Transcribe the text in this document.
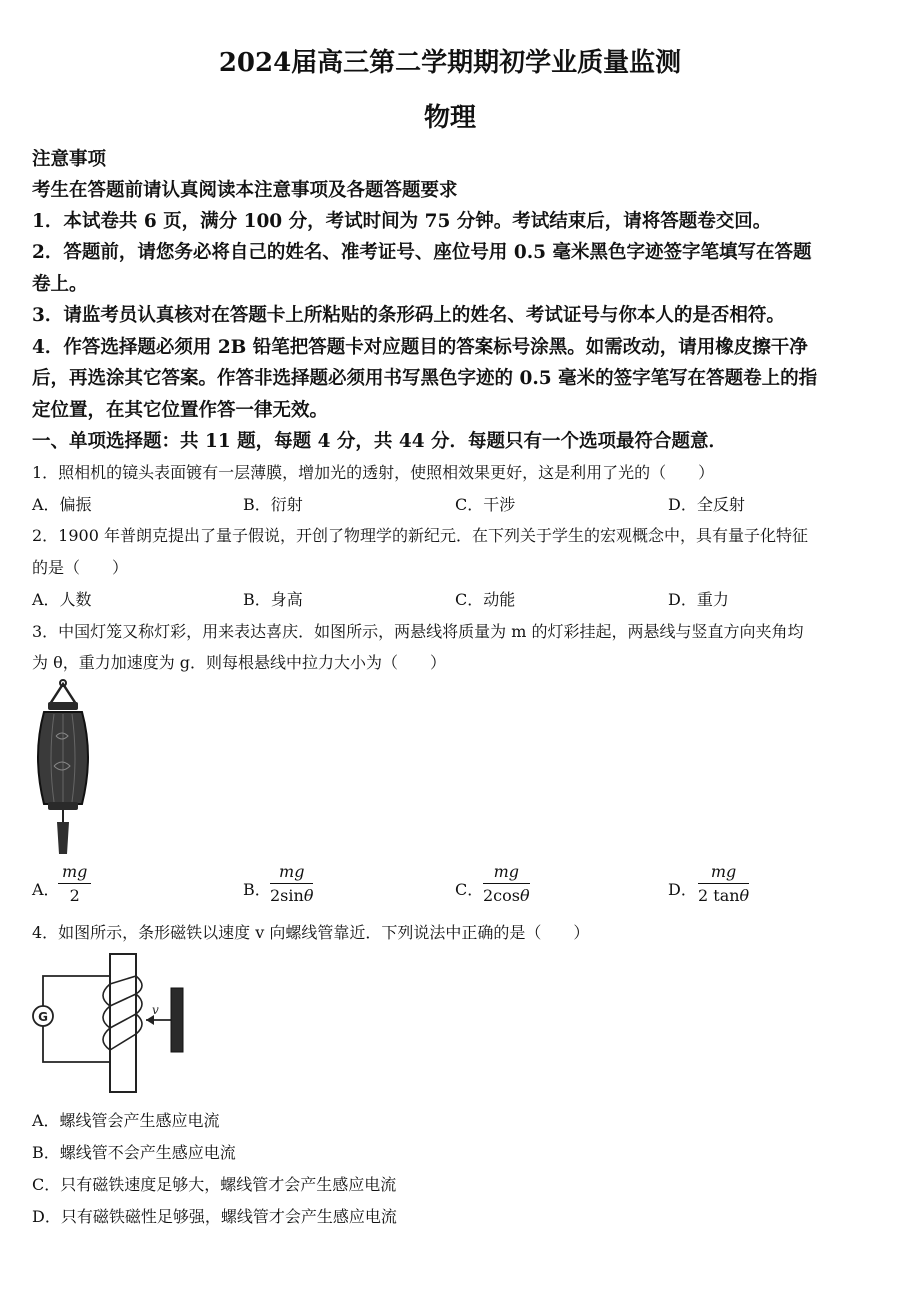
2024届高三第二学期期初学业质量监测
物理
注意事项
考生在答题前请认真阅读本注意事项及各题答题要求
1．本试卷共 6 页，满分 100 分，考试时间为 75 分钟。考试结束后，请将答题卷交回。
2．答题前，请您务必将自己的姓名、准考证号、座位号用 0.5 毫米黑色字迹签字笔填写在答题
卷上。
3．请监考员认真核对在答题卡上所粘贴的条形码上的姓名、考试证号与你本人的是否相符。
4．作答选择题必须用 2B 铅笔把答题卡对应题目的答案标号涂黑。如需改动，请用橡皮擦干净
后，再选涂其它答案。作答非选择题必须用书写黑色字迹的 0.5 毫米的签字笔写在答题卷上的指
定位置，在其它位置作答一律无效。
一、单项选择题：共 11 题，每题 4 分，共 44 分．每题只有一个选项最符合题意．
1．照相机的镜头表面镀有一层薄膜，增加光的透射，使照相效果更好，这是利用了光的（　　）
A．偏振	B．衍射	C．干涉	D．全反射
2．1900 年普朗克提出了量子假说，开创了物理学的新纪元．在下列关于学生的宏观概念中，具有量子化特征
的是（　　）
A．人数	B．身高	C．动能	D．重力
3．中国灯笼又称灯彩，用来表达喜庆．如图所示，两悬线将质量为 m 的灯彩挂起，两悬线与竖直方向夹角均
为 θ，重力加速度为 g．则每根悬线中拉力大小为（　　）
A．
$\frac{mg}{2}$	B． $\frac{mg}{2\sin\theta}$	C． $\frac{mg}{2\cos\theta}$	D． $\frac{mg}{2 \tan\theta}$
4．如图所示，条形磁铁以速度 v 向螺线管靠近．下列说法中正确的是（　　）
G	v
A．螺线管会产生感应电流
B．螺线管不会产生感应电流
C．只有磁铁速度足够大，螺线管才会产生感应电流
D．只有磁铁磁性足够强，螺线管才会产生感应电流
